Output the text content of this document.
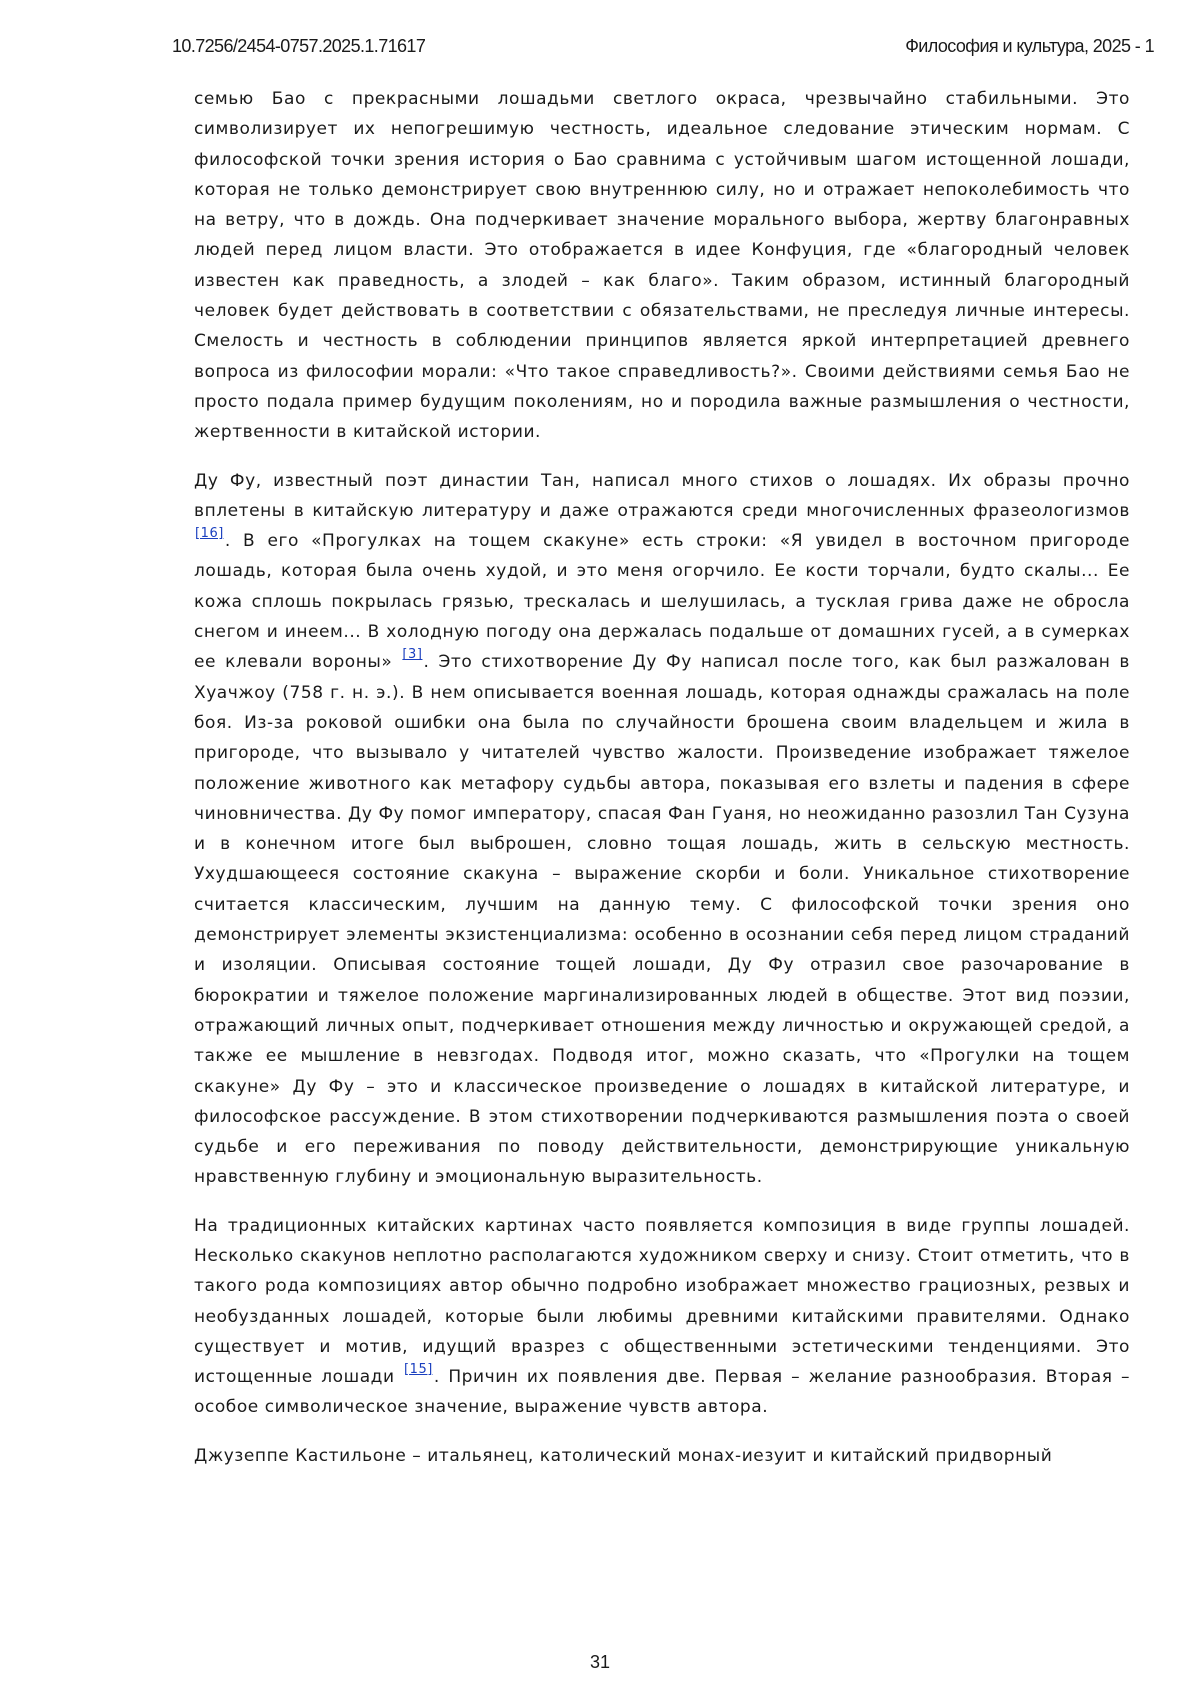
10.7256/2454-0757.2025.1.71617	Философия и культура, 2025 - 1

семью Бао с прекрасными лошадьми светлого окраса, чрезвычайно стабильными. Это символизирует их непогрешимую честность, идеальное следование этическим нормам. С философской точки зрения история о Бао сравнима с устойчивым шагом истощенной лошади, которая не только демонстрирует свою внутреннюю силу, но и отражает непоколебимость что на ветру, что в дождь. Она подчеркивает значение морального выбора, жертву благонравных людей перед лицом власти. Это отображается в идее Конфуция, где «благородный человек известен как праведность, а злодей – как благо». Таким образом, истинный благородный человек будет действовать в соответствии с обязательствами, не преследуя личные интересы. Смелость и честность в соблюдении принципов является яркой интерпретацией древнего вопроса из философии морали: «Что такое справедливость?». Своими действиями семья Бао не просто подала пример будущим поколениям, но и породила важные размышления о честности, жертвенности в китайской истории.

Ду Фу, известный поэт династии Тан, написал много стихов о лошадях. Их образы прочно вплетены в китайскую литературу и даже отражаются среди многочисленных фразеологизмов [16]. В его «Прогулках на тощем скакуне» есть строки: «Я увидел в восточном пригороде лошадь, которая была очень худой, и это меня огорчило. Ее кости торчали, будто скалы... Ее кожа сплошь покрылась грязью, трескалась и шелушилась, а тусклая грива даже не обросла снегом и инеем... В холодную погоду она держалась подальше от домашних гусей, а в сумерках ее клевали вороны» [3]. Это стихотворение Ду Фу написал после того, как был разжалован в Хуачжоу (758 г. н. э.). В нем описывается военная лошадь, которая однажды сражалась на поле боя. Из-за роковой ошибки она была по случайности брошена своим владельцем и жила в пригороде, что вызывало у читателей чувство жалости. Произведение изображает тяжелое положение животного как метафору судьбы автора, показывая его взлеты и падения в сфере чиновничества. Ду Фу помог императору, спасая Фан Гуаня, но неожиданно разозлил Тан Сузуна и в конечном итоге был выброшен, словно тощая лошадь, жить в сельскую местность. Ухудшающееся состояние скакуна – выражение скорби и боли. Уникальное стихотворение считается классическим, лучшим на данную тему. С философской точки зрения оно демонстрирует элементы экзистенциализма: особенно в осознании себя перед лицом страданий и изоляции. Описывая состояние тощей лошади, Ду Фу отразил свое разочарование в бюрократии и тяжелое положение маргинализированных людей в обществе. Этот вид поэзии, отражающий личных опыт, подчеркивает отношения между личностью и окружающей средой, а также ее мышление в невзгодах. Подводя итог, можно сказать, что «Прогулки на тощем скакуне» Ду Фу – это и классическое произведение о лошадях в китайской литературе, и философское рассуждение. В этом стихотворении подчеркиваются размышления поэта о своей судьбе и его переживания по поводу действительности, демонстрирующие уникальную нравственную глубину и эмоциональную выразительность.

На традиционных китайских картинах часто появляется композиция в виде группы лошадей. Несколько скакунов неплотно располагаются художником сверху и снизу. Стоит отметить, что в такого рода композициях автор обычно подробно изображает множество грациозных, резвых и необузданных лошадей, которые были любимы древними китайскими правителями. Однако существует и мотив, идущий вразрез с общественными эстетическими тенденциями. Это истощенные лошади [15]. Причин их появления две. Первая – желание разнообразия. Вторая – особое символическое значение, выражение чувств автора.

Джузеппе Кастильоне – итальянец, католический монах-иезуит и китайский придворный

31
